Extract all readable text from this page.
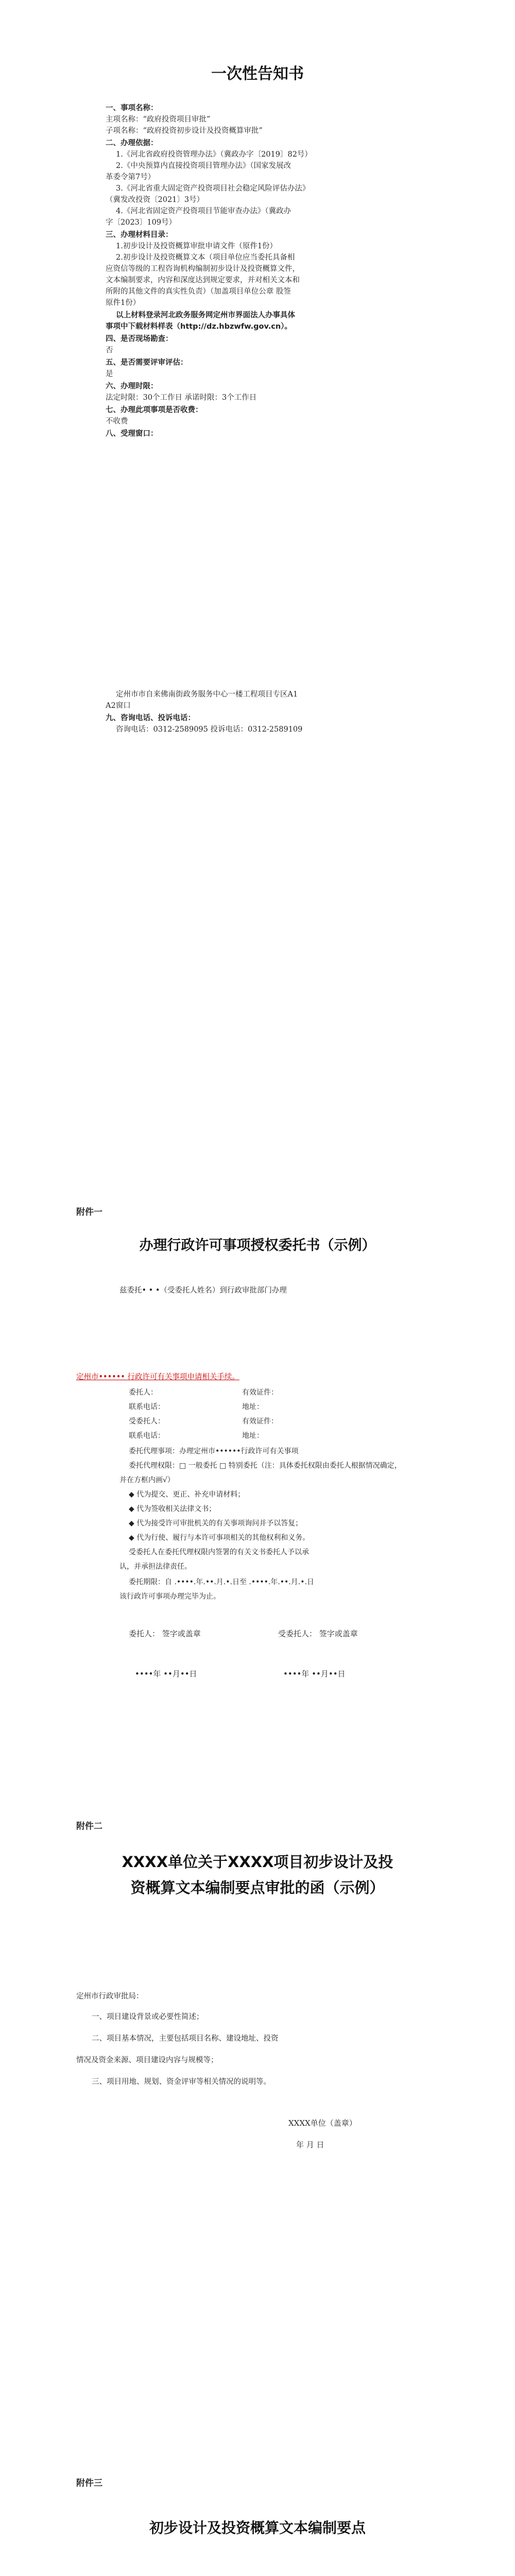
一次性告知书
一、事项名称：
主项名称：“政府投资项目审批”
子项名称：“政府投资初步设计及投资概算审批”
二、办理依据：
1.《河北省政府投资管理办法》（冀政办字〔2019〕82号）
2.《中央预算内直接投资项目管理办法》（国家发展改
革委令第7号）
3.《河北省重大固定资产投资项目社会稳定风险评估办法》
（冀发改投资〔2021〕3号）
4.《河北省固定资产投资项目节能审查办法》（冀政办
字〔2023〕109号）
三、办理材料目录：
1.初步设计及投资概算审批申请文件（原件1份）
2.初步设计及投资概算文本（项目单位应当委托具备相
应资信等级的工程咨询机构编制初步设计及投资概算文件，
文本编制要求，内容和深度达到规定要求，并对相关文本和
所附的其他文件的真实性负责）（加盖项目单位公章 股签
原件1份）
以上材料登录河北政务服务网定州市界面法人办事具体
事项中下载材料样表（http://dz.hbzwfw.gov.cn）。
四、是否现场勘查：
否
五、是否需要评审评估：
是
六、办理时限：
法定时限：30个工作日 承诺时限：3个工作日
七、办理此项事项是否收费：
不收费
八、受理窗口：
定州市市自来佛南街政务服务中心一楼工程项目专区A1
A2窗口
九、咨询电话、投诉电话：
咨询电话：0312-2589095 投诉电话：0312-2589109
附件一
办理行政许可事项授权委托书（示例）
兹委托• • •（受委托人姓名）到行政审批部门办理
定州市•••••• 行政许可有关事项申请相关手续。
委托人：	有效证件：
联系电话：	地址：
受委托人：	有效证件：
联系电话：	地址：
委托代理事项：办理定州市••••••行政许可有关事项
委托代理权限：□ 一般委托 □ 特别委托（注：具体委托权限由委托人根据情况确定，
并在方框内画√）
◆ 代为提交、更正、补充申请材料；
◆ 代为签收相关法律文书；
◆ 代为接受许可审批机关的有关事项询问并予以答复；
◆ 代为行使、履行与本许可事项相关的其他权利和义务。
受委托人在委托代理权限内签署的有关文书委托人予以承
认，并承担法律责任。
委托期限：自 .••••.年.••.月.•.日至 .••••.年.••.月.•.日
该行政许可事项办理完毕为止。
委托人： 签字或盖章	受委托人： 签字或盖章
••••年 ••月••日	••••年 ••月••日
附件二
XXXX单位关于XXXX项目初步设计及投
资概算文本编制要点审批的函（示例）
定州市行政审批局：
一、项目建设背景或必要性简述；
二、项目基本情况，主要包括项目名称、建设地址、投资
情况及资金来源、项目建设内容与规模等；
三、项目用地、规划、资金评审等相关情况的说明等。
XXXX单位（盖章）
年 月 日
附件三
初步设计及投资概算文本编制要点
